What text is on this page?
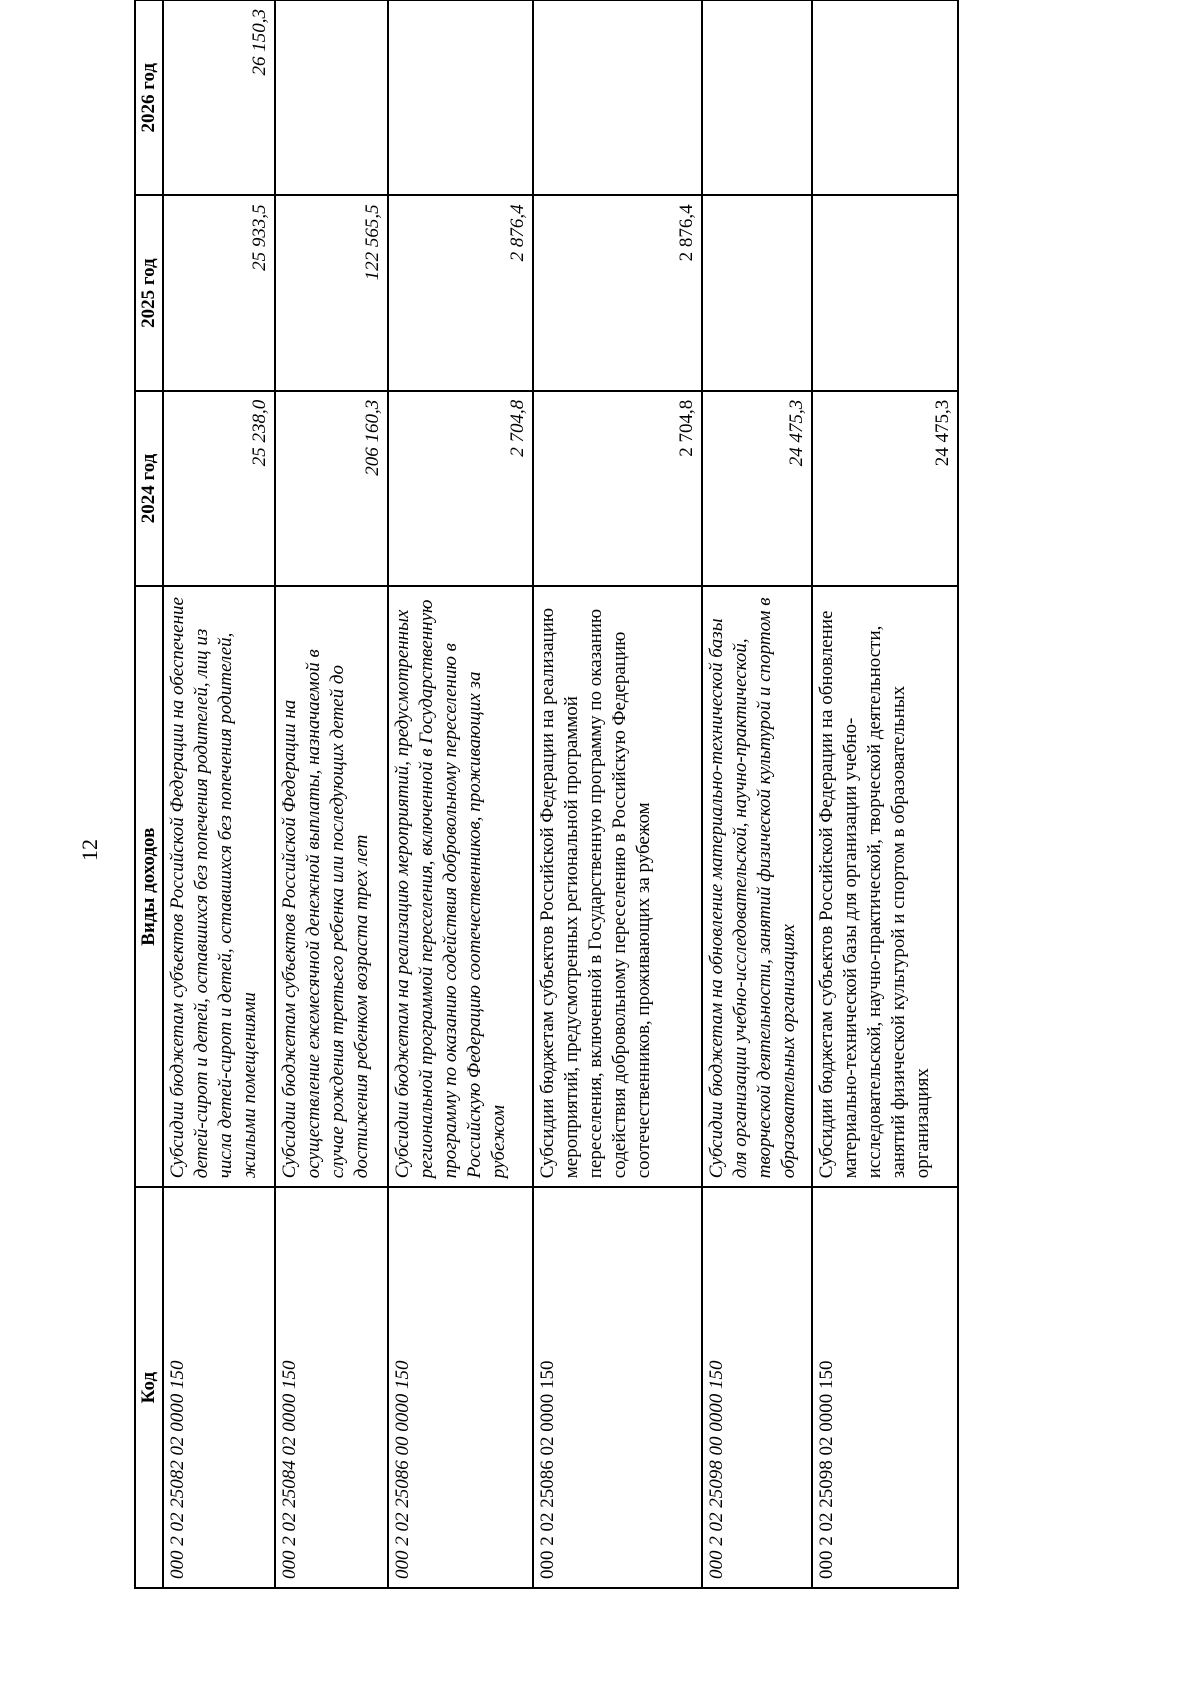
12
Код	Виды доходов	2024 год	2025 год	2026 год
000 2 02 25082 02 0000 150	Субсидии бюджетам субъектов Российской Федерации на обеспечение детей-сирот и детей, оставшихся без попечения родителей, лиц из числа детей-сирот и детей, оставшихся без попечения родителей, жилыми помещениями	25 238,0	25 933,5	26 150,3
000 2 02 25084 02 0000 150	Субсидии бюджетам субъектов Российской Федерации на осуществление ежемесячной денежной выплаты, назначаемой в случае рождения третьего ребенка или последующих детей до достижения ребенком возраста трех лет	206 160,3	122 565,5	
000 2 02 25086 00 0000 150	Субсидии бюджетам на реализацию мероприятий, предусмотренных региональной программой переселения, включенной в Государственную программу по оказанию содействия добровольному переселению в Российскую Федерацию соотечественников, проживающих за рубежом	2 704,8	2 876,4	
000 2 02 25086 02 0000 150	Субсидии бюджетам субъектов Российской Федерации на реализацию мероприятий, предусмотренных региональной программой переселения, включенной в Государственную программу по оказанию содействия добровольному переселению в Российскую Федерацию соотечественников, проживающих за рубежом	2 704,8	2 876,4	
000 2 02 25098 00 0000 150	Субсидии бюджетам на обновление материально-технической базы для организации учебно-исследовательской, научно-практической, творческой деятельности, занятий физической культурой и спортом в образовательных организациях	24 475,3		
000 2 02 25098 02 0000 150	Субсидии бюджетам субъектов Российской Федерации на обновление материально-технической базы для организации учебно-исследовательской, научно-практической, творческой деятельности, занятий физической культурой и спортом в образовательных организациях	24 475,3		
